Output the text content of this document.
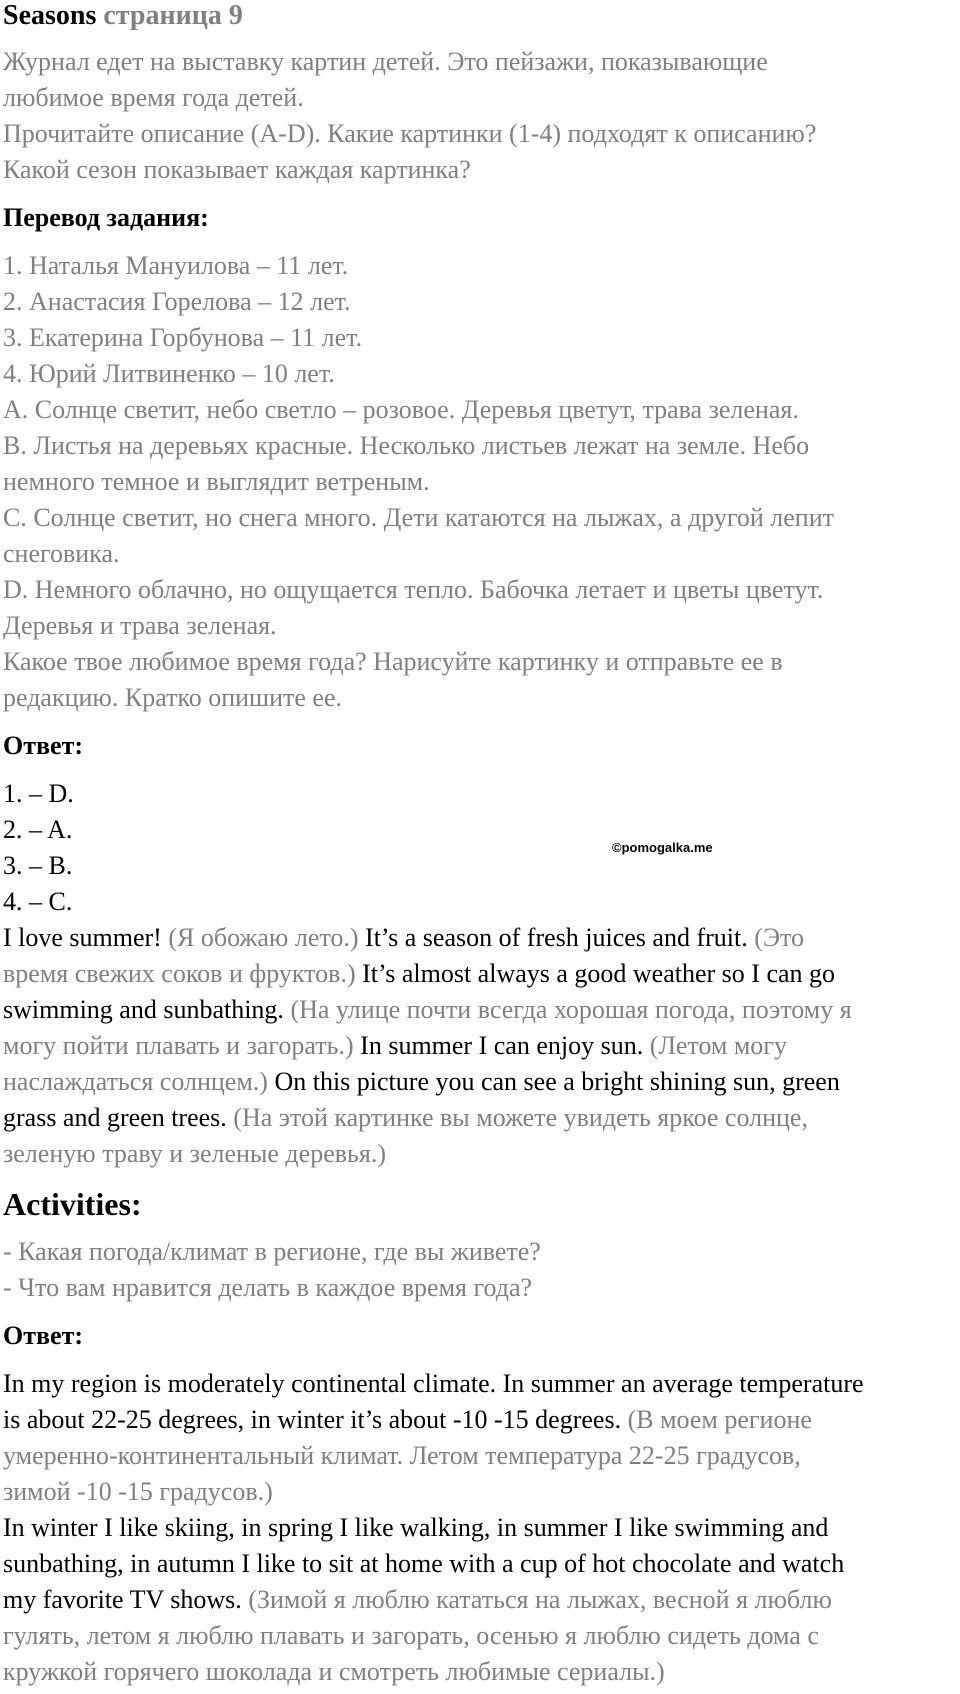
Seasons страница 9
Журнал едет на выставку картин детей. Это пейзажи, показывающие
любимое время года детей.
Прочитайте описание (A-D). Какие картинки (1-4) подходят к описанию?
Какой сезон показывает каждая картинка?
Перевод задания:
1. Наталья Мануилова – 11 лет.
2. Анастасия Горелова – 12 лет.
3. Екатерина Горбунова – 11 лет.
4. Юрий Литвиненко – 10 лет.
A. Солнце светит, небо светло – розовое. Деревья цветут, трава зеленая.
B. Листья на деревьях красные. Несколько листьев лежат на земле. Небо
немного темное и выглядит ветреным.
C. Солнце светит, но снега много. Дети катаются на лыжах, а другой лепит
снеговика.
D. Немного облачно, но ощущается тепло. Бабочка летает и цветы цветут.
Деревья и трава зеленая.
Какое твое любимое время года? Нарисуйте картинку и отправьте ее в
редакцию. Кратко опишите ее.
Ответ:
1. – D.
2. – A.
3. – B.
4. – C.
I love summer! (Я обожаю лето.) It’s a season of fresh juices and fruit. (Это
время свежих соков и фруктов.) It’s almost always a good weather so I can go
swimming and sunbathing. (На улице почти всегда хорошая погода, поэтому я
могу пойти плавать и загорать.) In summer I can enjoy sun. (Летом могу
наслаждаться солнцем.) On this picture you can see a bright shining sun, green
grass and green trees. (На этой картинке вы можете увидеть яркое солнце,
зеленую траву и зеленые деревья.)
Activities:
- Какая погода/климат в регионе, где вы живете?
- Что вам нравится делать в каждое время года?
Ответ:
In my region is moderately continental climate. In summer an average temperature
is about 22-25 degrees, in winter it’s about -10 -15 degrees. (В моем регионе
умеренно-континентальный климат. Летом температура 22-25 градусов,
зимой -10 -15 градусов.)
In winter I like skiing, in spring I like walking, in summer I like swimming and
sunbathing, in autumn I like to sit at home with a cup of hot chocolate and watch
my favorite TV shows. (Зимой я люблю кататься на лыжах, весной я люблю
гулять, летом я люблю плавать и загорать, осенью я люблю сидеть дома с
кружкой горячего шоколада и смотреть любимые сериалы.)
©pomogalka.me
